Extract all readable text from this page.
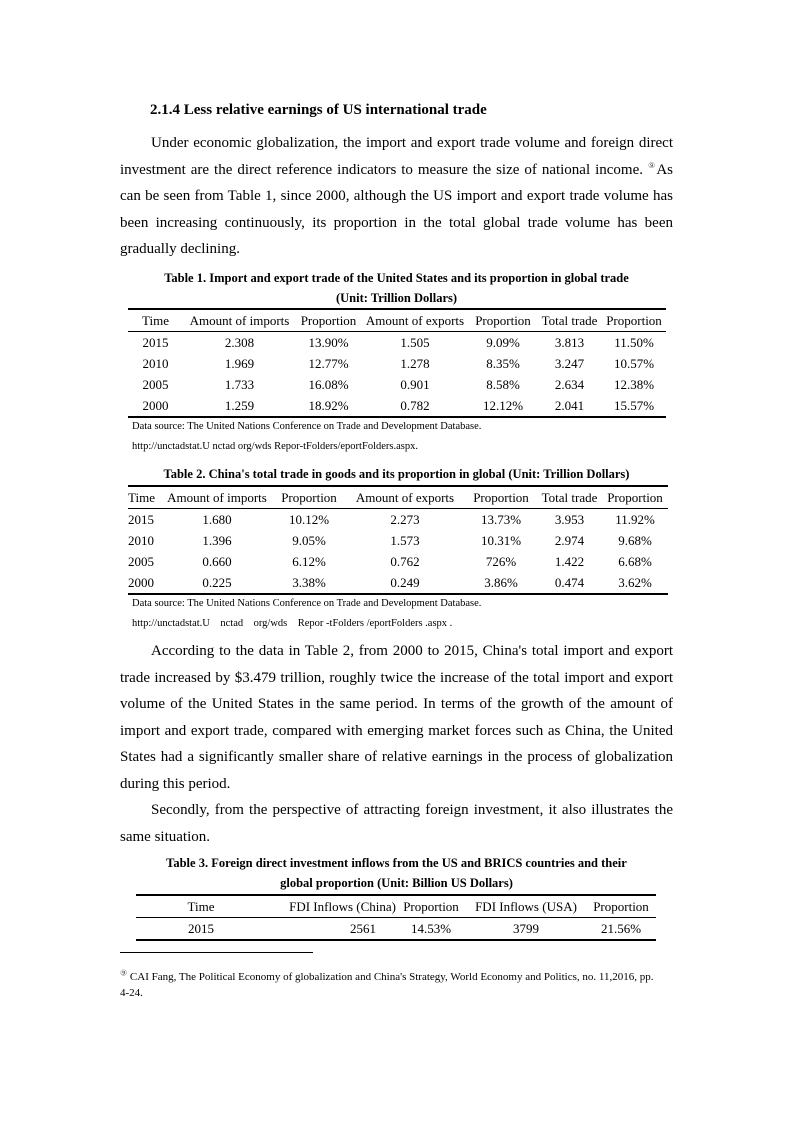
2.1.4 Less relative earnings of US international trade

Under economic globalization, the import and export trade volume and foreign direct investment are the direct reference indicators to measure the size of national income. ⑨As can be seen from Table 1, since 2000, although the US import and export trade volume has been increasing continuously, its proportion in the total global trade volume has been gradually declining.

Table 1. Import and export trade of the United States and its proportion in global trade
(Unit: Trillion Dollars)
Time	Amount of imports	Proportion	Amount of exports	Proportion	Total trade	Proportion
2015	2.308	13.90%	1.505	9.09%	3.813	11.50%
2010	1.969	12.77%	1.278	8.35%	3.247	10.57%
2005	1.733	16.08%	0.901	8.58%	2.634	12.38%
2000	1.259	18.92%	0.782	12.12%	2.041	15.57%
Data source: The United Nations Conference on Trade and Development Database.
http://unctadstat.U nctad org/wds Repor-tFolders/eportFolders.aspx.
Table 2. China's total trade in goods and its proportion in global (Unit: Trillion Dollars)
Time	Amount of imports	Proportion	Amount of exports	Proportion	Total trade	Proportion
2015	1.680	10.12%	2.273	13.73%	3.953	11.92%
2010	1.396	9.05%	1.573	10.31%	2.974	9.68%
2005	0.660	6.12%	0.762	726%	1.422	6.68%
2000	0.225	3.38%	0.249	3.86%	0.474	3.62%
Data source: The United Nations Conference on Trade and Development Database.
http://unctadstat.U    nctad    org/wds    Repor -tFolders /eportFolders .aspx .

According to the data in Table 2, from 2000 to 2015, China's total import and export trade increased by $3.479 trillion, roughly twice the increase of the total import and export volume of the United States in the same period. In terms of the growth of the amount of import and export trade, compared with emerging market forces such as China, the United States had a significantly smaller share of relative earnings in the process of globalization during this period.

Secondly, from the perspective of attracting foreign investment, it also illustrates the same situation.

Table 3. Foreign direct investment inflows from the US and BRICS countries and their
global proportion (Unit: Billion US Dollars)
Time	FDI Inflows (China)	Proportion	FDI Inflows (USA)	Proportion
2015	2561	14.53%	3799	21.56%
⑨ CAI Fang, The Political Economy of globalization and China's Strategy, World Economy and Politics, no. 11,2016, pp. 4-24.
